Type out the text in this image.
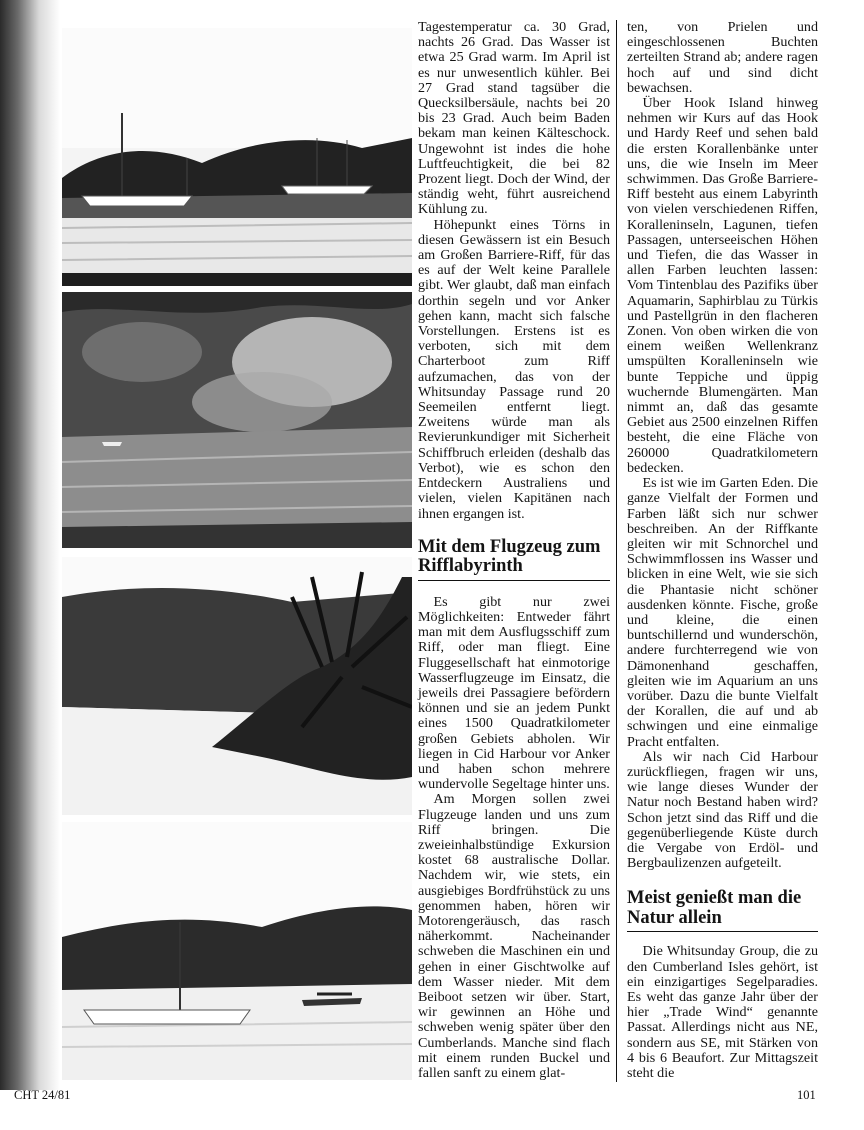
Tagestemperatur ca. 30 Grad, nachts 26 Grad. Das Wasser ist etwa 25 Grad warm. Im April ist es nur unwesentlich kühler. Bei 27 Grad stand tagsüber die Quecksilbersäule, nachts bei 20 bis 23 Grad. Auch beim Baden bekam man keinen Kälteschock. Ungewohnt ist indes die hohe Luftfeuchtigkeit, die bei 82 Prozent liegt. Doch der Wind, der ständig weht, führt ausreichend Kühlung zu.

Höhepunkt eines Törns in diesen Gewässern ist ein Besuch am Großen Barriere-Riff, für das es auf der Welt keine Parallele gibt. Wer glaubt, daß man einfach dorthin segeln und vor Anker gehen kann, macht sich falsche Vorstellungen. Erstens ist es verboten, sich mit dem Charterboot zum Riff aufzumachen, das von der Whitsunday Passage rund 20 Seemeilen entfernt liegt. Zweitens würde man als Revierunkundiger mit Sicherheit Schiffbruch erleiden (deshalb das Verbot), wie es schon den Entdeckern Australiens und vielen, vielen Kapitänen nach ihnen ergangen ist.

Mit dem Flugzeug zum Rifflabyrinth

Es gibt nur zwei Möglichkeiten: Entweder fährt man mit dem Ausflugsschiff zum Riff, oder man fliegt. Eine Fluggesellschaft hat einmotorige Wasserflugzeuge im Einsatz, die jeweils drei Passagiere befördern können und sie an jedem Punkt eines 1500 Quadratkilometer großen Gebiets abholen. Wir liegen in Cid Harbour vor Anker und haben schon mehrere wundervolle Segeltage hinter uns.

Am Morgen sollen zwei Flugzeuge landen und uns zum Riff bringen. Die zweieinhalbstündige Exkursion kostet 68 australische Dollar. Nachdem wir, wie stets, ein ausgiebiges Bordfrühstück zu uns genommen haben, hören wir Motorengeräusch, das rasch näherkommt. Nacheinander schweben die Maschinen ein und gehen in einer Gischtwolke auf dem Wasser nieder. Mit dem Beiboot setzen wir über. Start, wir gewinnen an Höhe und schweben wenig später über den Cumberlands. Manche sind flach mit einem runden Buckel und fallen sanft zu einem glat-

ten, von Prielen und eingeschlossenen Buchten zerteilten Strand ab; andere ragen hoch auf und sind dicht bewachsen.

Über Hook Island hinweg nehmen wir Kurs auf das Hook und Hardy Reef und sehen bald die ersten Korallenbänke unter uns, die wie Inseln im Meer schwimmen. Das Große Barriere-Riff besteht aus einem Labyrinth von vielen verschiedenen Riffen, Koralleninseln, Lagunen, tiefen Passagen, unterseeischen Höhen und Tiefen, die das Wasser in allen Farben leuchten lassen: Vom Tintenblau des Pazifiks über Aquamarin, Saphirblau zu Türkis und Pastellgrün in den flacheren Zonen. Von oben wirken die von einem weißen Wellenkranz umspülten Koralleninseln wie bunte Teppiche und üppig wuchernde Blumengärten. Man nimmt an, daß das gesamte Gebiet aus 2500 einzelnen Riffen besteht, die eine Fläche von 260000 Quadratkilometern bedecken.

Es ist wie im Garten Eden. Die ganze Vielfalt der Formen und Farben läßt sich nur schwer beschreiben. An der Riffkante gleiten wir mit Schnorchel und Schwimmflossen ins Wasser und blicken in eine Welt, wie sie sich die Phantasie nicht schöner ausdenken könnte. Fische, große und kleine, die einen buntschillernd und wunderschön, andere furchterregend wie von Dämonenhand geschaffen, gleiten wie im Aquarium an uns vorüber. Dazu die bunte Vielfalt der Korallen, die auf und ab schwingen und eine einmalige Pracht entfalten.

Als wir nach Cid Harbour zurückfliegen, fragen wir uns, wie lange dieses Wunder der Natur noch Bestand haben wird? Schon jetzt sind das Riff und die gegenüberliegende Küste durch die Vergabe von Erdöl- und Bergbaulizenzen aufgeteilt.

Meist genießt man die Natur allein

Die Whitsunday Group, die zu den Cumberland Isles gehört, ist ein einzigartiges Segelparadies. Es weht das ganze Jahr über der hier „Trade Wind“ genannte Passat. Allerdings nicht aus NE, sondern aus SE, mit Stärken von 4 bis 6 Beaufort. Zur Mittagszeit steht die

CHT 24/81	101
